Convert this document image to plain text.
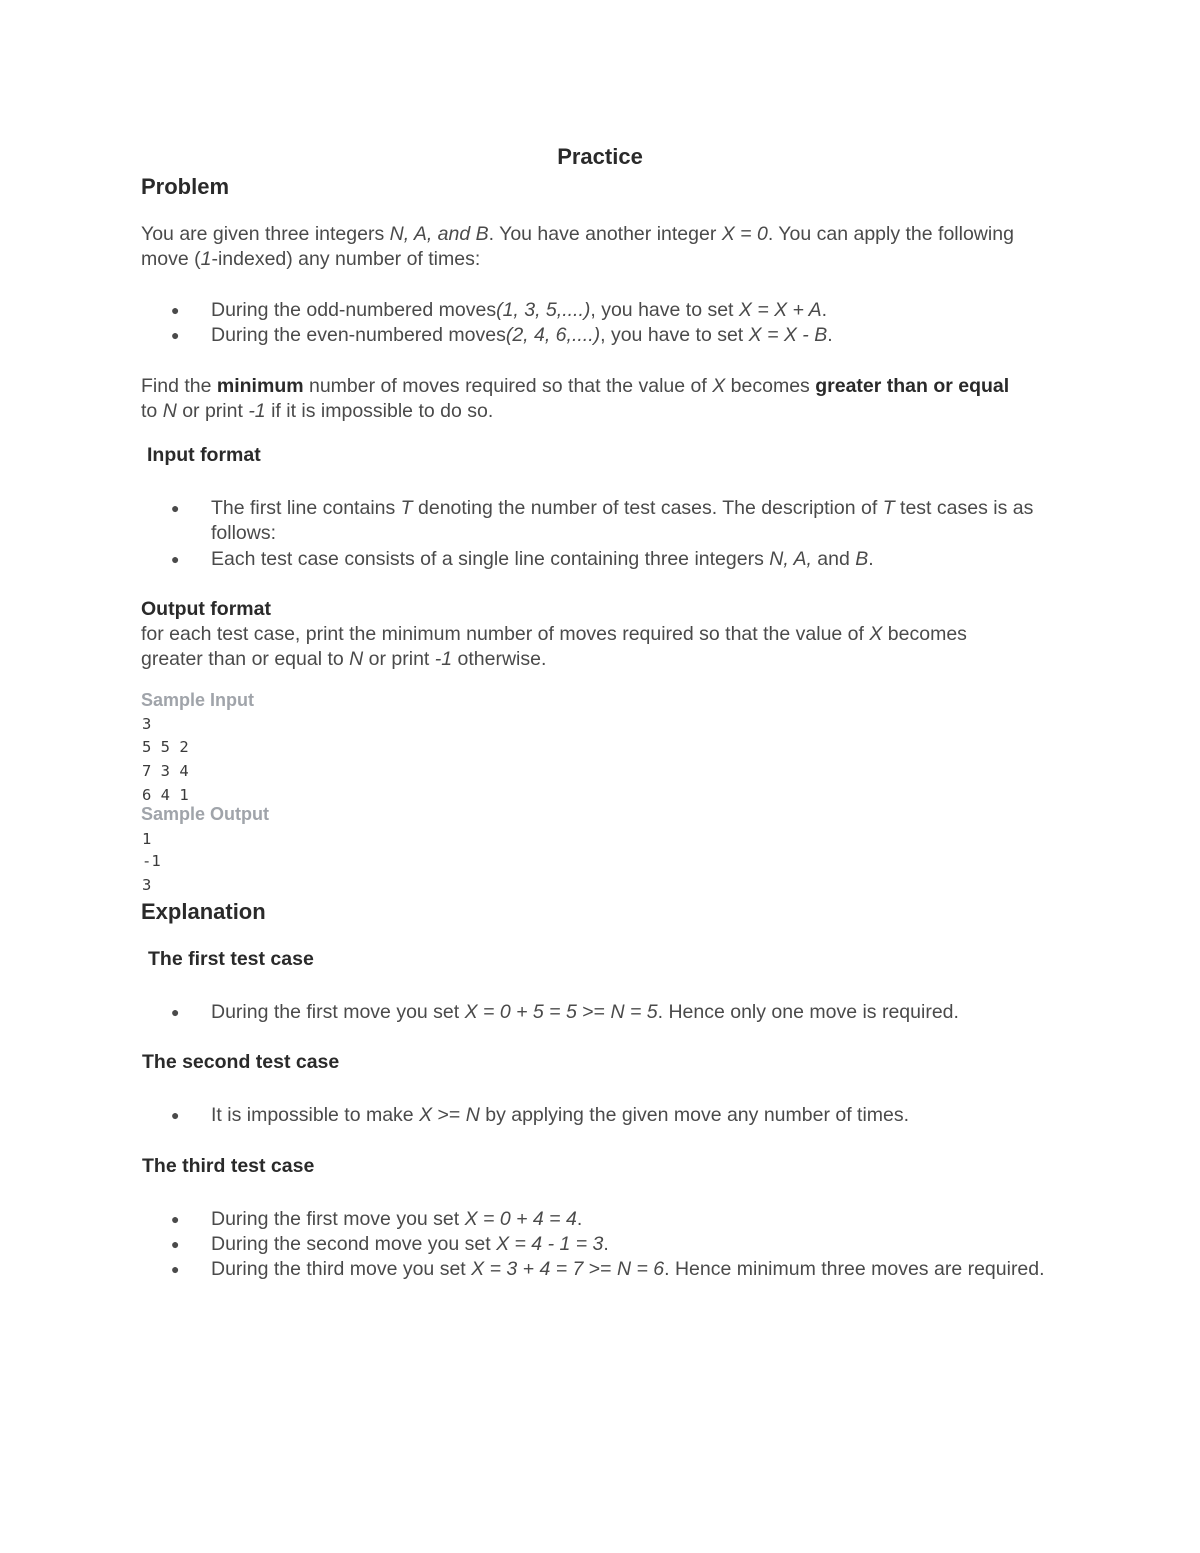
Practice
Problem
You are given three integers N, A, and B. You have another integer X = 0. You can apply the following move (1-indexed) any number of times:
●
During the odd-numbered moves(1, 3, 5,....), you have to set X = X + A.
●
During the even-numbered moves(2, 4, 6,....), you have to set X = X - B.
Find the minimum number of moves required so that the value of X becomes greater than or equal to N or print -1 if it is impossible to do so.
Input format
●
The first line contains T denoting the number of test cases. The description of T test cases is as follows:
●
Each test case consists of a single line containing three integers N, A, and B.
Output format
for each test case, print the minimum number of moves required so that the value of X becomes greater than or equal to N or print -1 otherwise.
Sample Input
3
5 5 2
7 3 4
6 4 1
Sample Output
1
-1
3
Explanation
The first test case
●
During the first move you set X = 0 + 5 = 5 >= N = 5. Hence only one move is required.
The second test case
●
It is impossible to make X >= N by applying the given move any number of times.
The third test case
●
During the first move you set X = 0 + 4 = 4.
●
During the second move you set X = 4 - 1 = 3.
●
During the third move you set X = 3 + 4 = 7 >= N = 6. Hence minimum three moves are required.
